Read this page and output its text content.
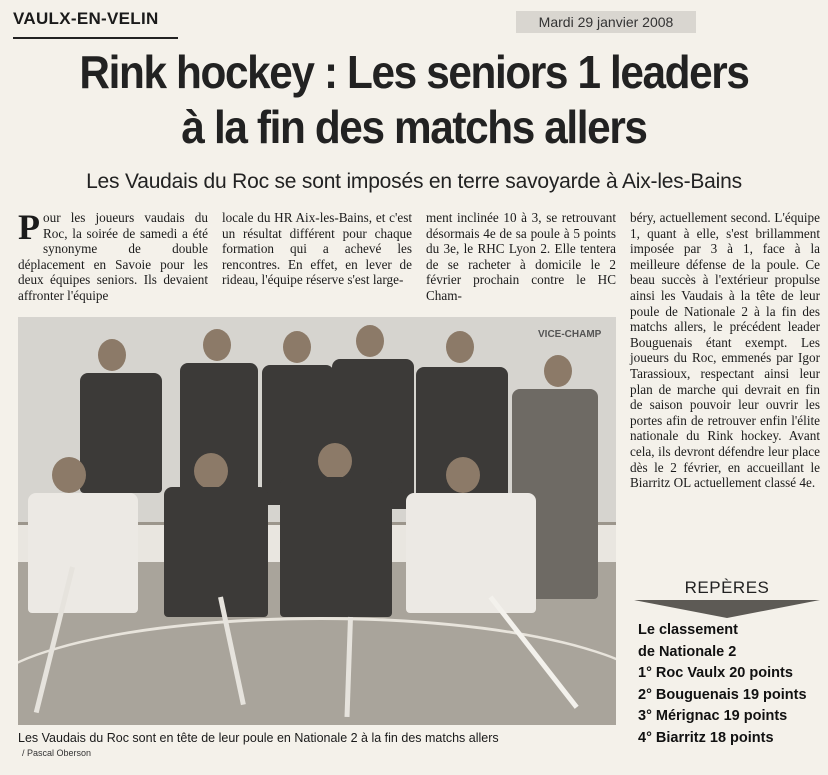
VAULX-EN-VELIN	Mardi 29 janvier 2008
Rink hockey : Les seniors 1 leaders
à la fin des matchs allers
Les Vaudais du Roc se sont imposés en terre savoyarde à Aix-les-Bains
Pour les joueurs vaudais du Roc, la soirée de samedi a été synonyme de double déplacement en Savoie pour les deux équipes seniors. Ils devaient affronter l'équipe
locale du HR Aix-les-Bains, et c'est un résultat différent pour chaque formation qui a achevé les rencontres. En effet, en lever de rideau, l'équipe réserve s'est large-
ment inclinée 10 à 3, se retrouvant désormais 4e de sa poule à 5 points du 3e, le RHC Lyon 2. Elle tentera de se racheter à domicile le 2 février prochain contre le HC Cham-
béry, actuellement second. L'équipe 1, quant à elle, s'est brillamment imposée par 3 à 1, face à la meilleure défense de la poule. Ce beau succès à l'extérieur propulse ainsi les Vaudais à la tête de leur poule de Nationale 2 à la fin des matchs allers, le précédent leader Bouguenais étant exempt. Les joueurs du Roc, emmenés par Igor Tarassioux, respectant ainsi leur plan de marche qui devrait en fin de saison pouvoir leur ouvrir les portes afin de retrouver enfin l'élite nationale du Rink hockey. Avant cela, ils devront défendre leur place dès le 2 février, en accueillant le Biarritz OL actuellement classé 4e.
VICE-CHAMP
Les Vaudais du Roc sont en tête de leur poule en Nationale 2 à la fin des matchs allers
/ Pascal Oberson
REPÈRES
Le classement
de Nationale 2
1° Roc Vaulx 20 points
2° Bouguenais 19 points
3° Mérignac 19 points
4° Biarritz 18 points
